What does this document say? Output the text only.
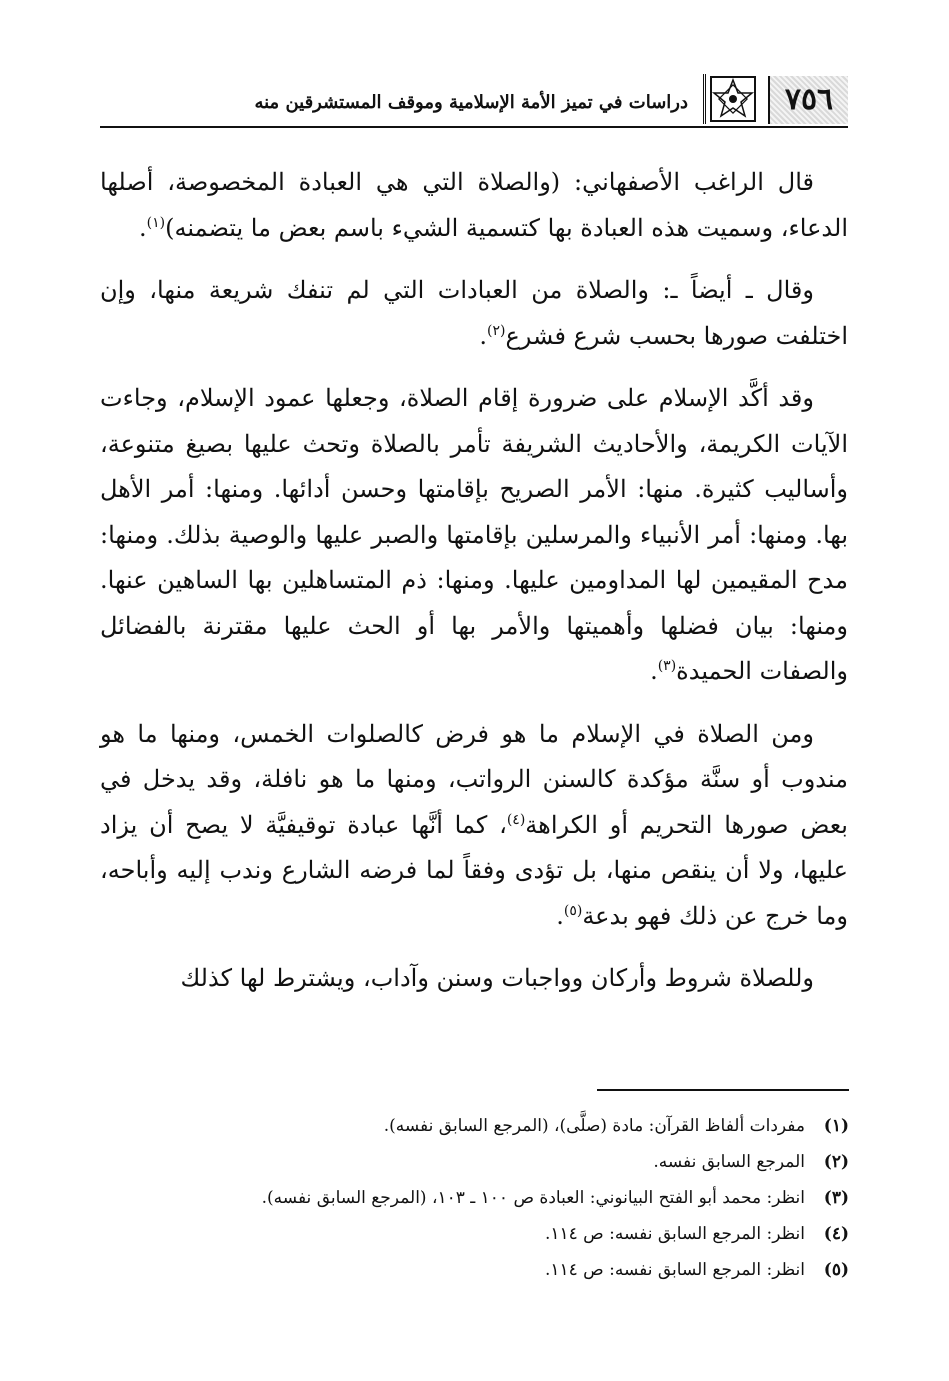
٧٥٦
دراسات في تميز الأمة الإسلامية وموقف المستشرقين منه

قال الراغب الأصفهاني: (والصلاة التي هي العبادة المخصوصة، أصلها الدعاء، وسميت هذه العبادة بها كتسمية الشيء باسم بعض ما يتضمنه)$^{(١)}$.

وقال ـ أيضاً ـ: والصلاة من العبادات التي لم تنفك شريعة منها، وإن اختلفت صورها بحسب شرع فشرع$^{(٢)}$.

وقد أكَّد الإسلام على ضرورة إقام الصلاة، وجعلها عمود الإسلام، وجاءت الآيات الكريمة، والأحاديث الشريفة تأمر بالصلاة وتحث عليها بصيغ متنوعة، وأساليب كثيرة. منها: الأمر الصريح بإقامتها وحسن أدائها. ومنها: أمر الأهل بها. ومنها: أمر الأنبياء والمرسلين بإقامتها والصبر عليها والوصية بذلك. ومنها: مدح المقيمين لها المداومين عليها. ومنها: ذم المتساهلين بها الساهين عنها. ومنها: بيان فضلها وأهميتها والأمر بها أو الحث عليها مقترنة بالفضائل والصفات الحميدة$^{(٣)}$.

ومن الصلاة في الإسلام ما هو فرض كالصلوات الخمس، ومنها ما هو مندوب أو سنَّة مؤكدة كالسنن الرواتب، ومنها ما هو نافلة، وقد يدخل في بعض صورها التحريم أو الكراهة$^{(٤)}$، كما أنَّها عبادة توقيفيَّة لا يصح أن يزاد عليها، ولا أن ينقص منها، بل تؤدى وفقاً لما فرضه الشارع وندب إليه وأباحه، وما خرج عن ذلك فهو بدعة$^{(٥)}$.

وللصلاة شروط وأركان وواجبات وسنن وآداب، ويشترط لها كذلك

(١)
مفردات ألفاظ القرآن: مادة (صلَّى)، (المرجع السابق نفسه).
(٢)
المرجع السابق نفسه.
(٣)
انظر: محمد أبو الفتح البيانوني: العبادة ص ١٠٠ ـ ١٠٣، (المرجع السابق نفسه).
(٤)
انظر: المرجع السابق نفسه: ص ١١٤.
(٥)
انظر: المرجع السابق نفسه: ص ١١٤.
